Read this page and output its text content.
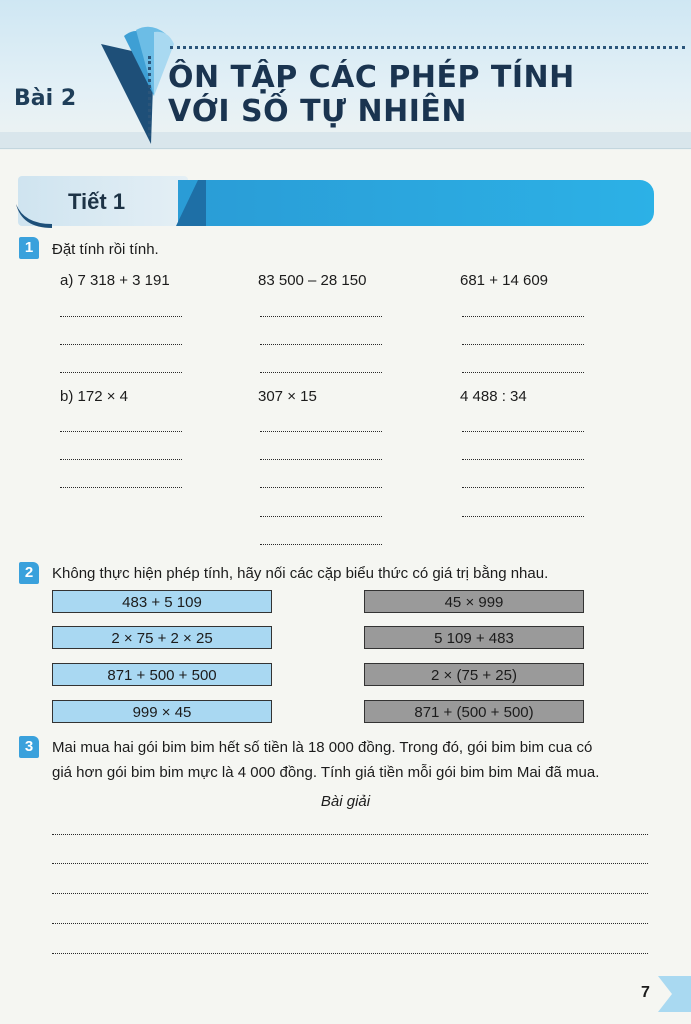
Bài 2
ÔN TẬP CÁC PHÉP TÍNH
VỚI SỐ TỰ NHIÊN
Tiết 1
1	Đặt tính rồi tính.
a) 7 318 + 3 191	83 500 – 28 150	681 + 14 609
b) 172 × 4	307 × 15	4 488 : 34
2	Không thực hiện phép tính, hãy nối các cặp biểu thức có giá trị bằng nhau.
483 + 5 109
2 × 75 + 2 × 25
871 + 500 + 500
999 × 45
45 × 999
5 109 + 483
2 × (75 + 25)
871 + (500 + 500)
3	Mai mua hai gói bim bim hết số tiền là 18 000 đồng. Trong đó, gói bim bim cua có
giá hơn gói bim bim mực là 4 000 đồng. Tính giá tiền mỗi gói bim bim Mai đã mua.
Bài giải
7
